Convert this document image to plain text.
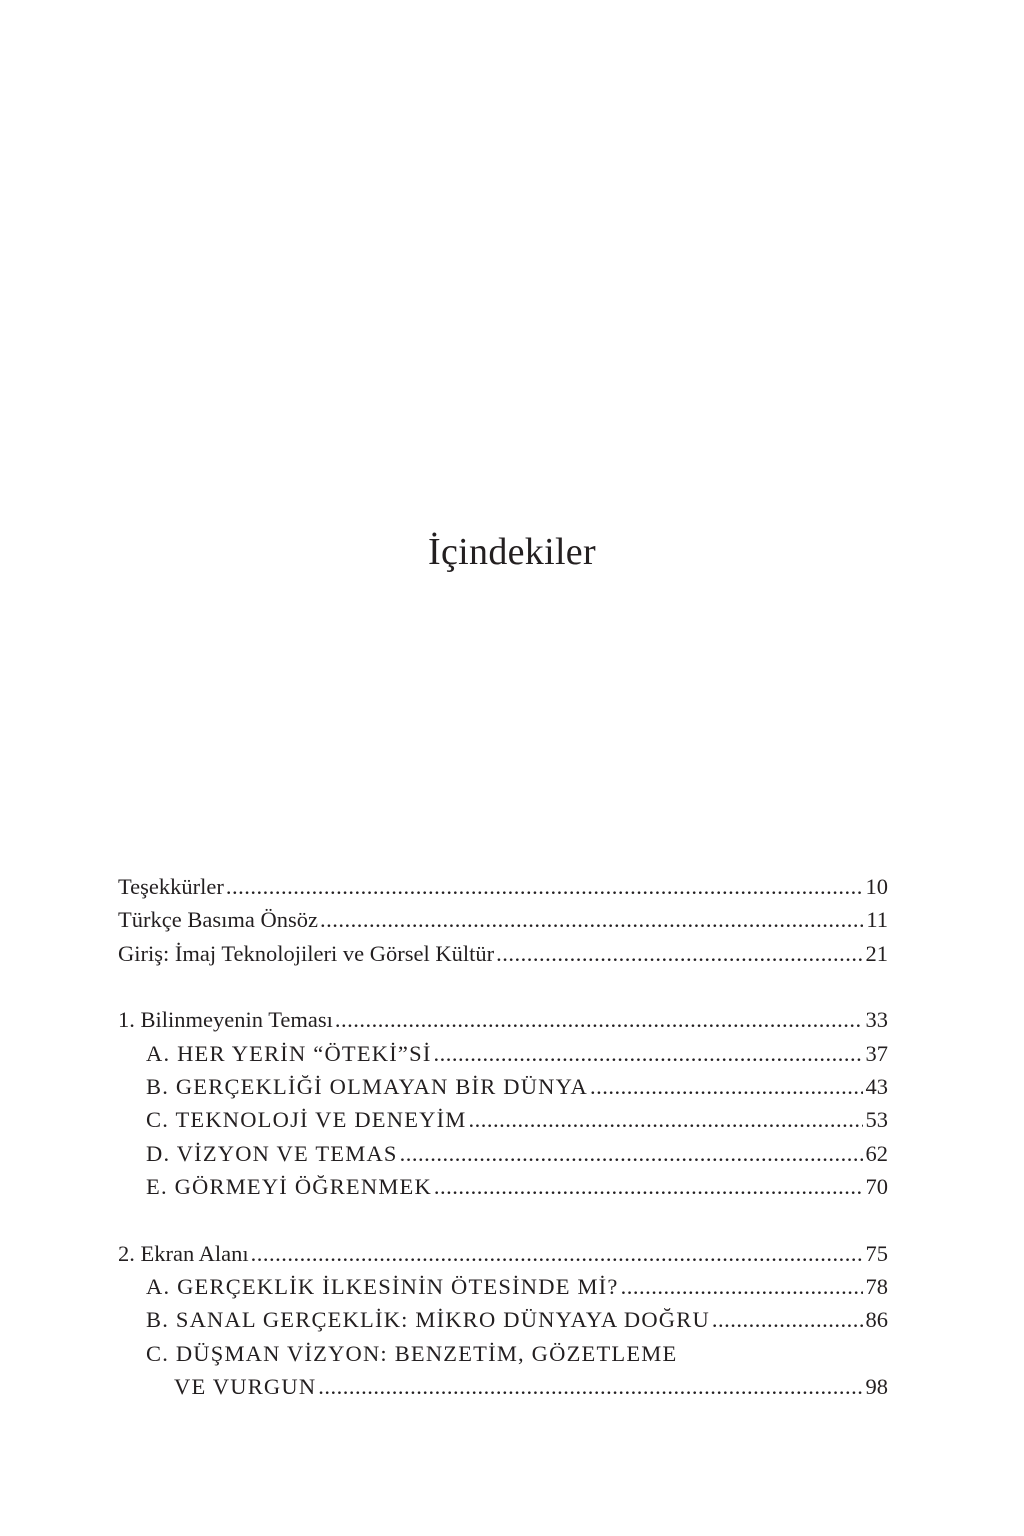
İçindekiler
Teşekkürler .....	10
Türkçe Basıma Önsöz .....	11
Giriş: İmaj Teknolojileri ve Görsel Kültür .....	21
1. Bilinmeyenin Teması .....	33
A. HER YERİN “ÖTEKİ”Sİ .....	37
B. GERÇEKLİĞİ OLMAYAN BİR DÜNYA .....	43
C. TEKNOLOJİ VE DENEYİM .....	53
D. VİZYON VE TEMAS .....	62
E. GÖRMEYİ ÖĞRENMEK .....	70
2. Ekran Alanı .....	75
A. GERÇEKLİK İLKESİNİN ÖTESİNDE Mİ? .....	78
B. SANAL GERÇEKLİK: MİKRO DÜNYAYA DOĞRU .....	86
C. DÜŞMAN VİZYON: BENZETİM, GÖZETLEME
VE VURGUN .....	98
